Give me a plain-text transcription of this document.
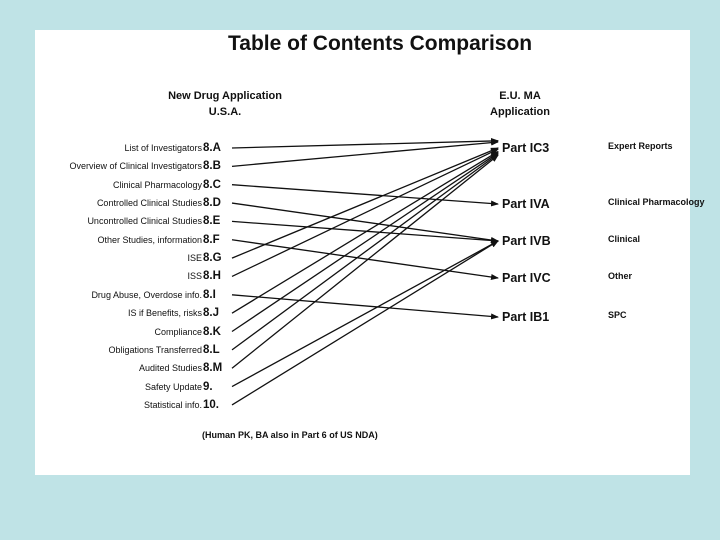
Table of Contents Comparison
New Drug Application
U.S.A.
E.U. MA
Application
List of Investigators 8.A
Overview of Clinical Investigators 8.B
Clinical Pharmacology 8.C
Controlled Clinical Studies 8.D
Uncontrolled Clinical Studies 8.E
Other Studies, information 8.F
ISE 8.G
ISS 8.H
Drug Abuse, Overdose info. 8.I
IS if Benefits, risks 8.J
Compliance 8.K
Obligations Transferred 8.L
Audited Studies 8.M
Safety Update 9.
Statistical info. 10.
Part IC3	Expert Reports
Part IVA	Clinical Pharmacology
Part IVB	Clinical
Part IVC	Other
Part IB1	SPC
(Human PK, BA also in Part 6 of US NDA)
